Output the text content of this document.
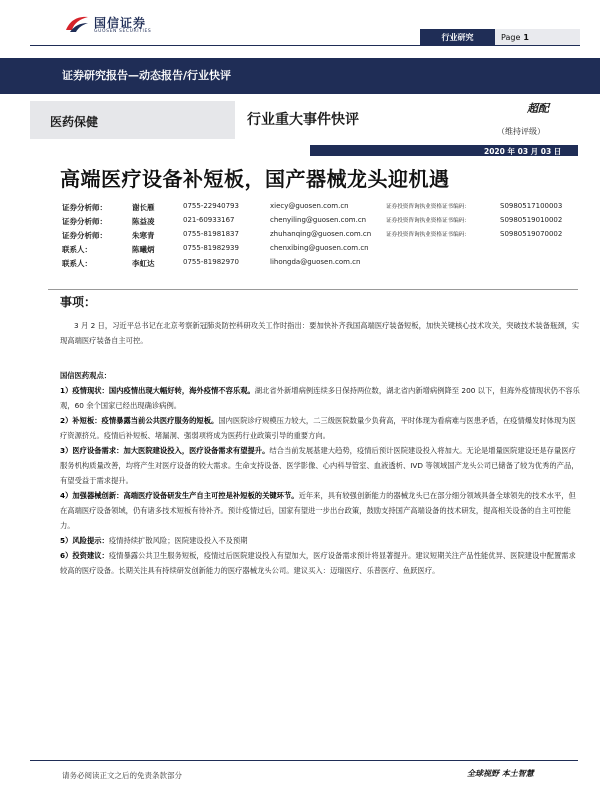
国信证券
GUOSEN SECURITIES
行业研究	Page 1
证券研究报告—动态报告/行业快评
医药保健	行业重大事件快评
超配
（维持评级）
2020 年 03 月 03 日
高端医疗设备补短板，国产器械龙头迎机遇
证券分析师：	谢长雁	0755-22940793	xiecy@guosen.com.cn	证券投资咨询执业资格证书编码：	S0980517100003
证券分析师：	陈益凌	021-60933167	chenyiling@guosen.com.cn	证券投资咨询执业资格证书编码：	S0980519010002
证券分析师：	朱寒青	0755-81981837	zhuhanqing@guosen.com.cn	证券投资咨询执业资格证书编码：	S0980519070002
联系人：	陈曦炳	0755-81982939	chenxibing@guosen.com.cn
联系人：	李虹达	0755-81982970	lihongda@guosen.com.cn
事项：

3 月 2 日，习近平总书记在北京考察新冠肺炎防控科研攻关工作时指出：要加快补齐我国高端医疗装备短板，加快关键核心技术攻关，突破技术装备瓶颈，实现高端医疗装备自主可控。

国信医药观点：

1）疫情现状：国内疫情出现大幅好转，海外疫情不容乐观。湖北省外新增病例连续多日保持两位数，湖北省内新增病例降至 200 以下，但海外疫情现状仍不容乐观，60 余个国家已经出现确诊病例。

2）补短板：疫情暴露当前公共医疗服务的短板。国内医院诊疗规模压力较大，二三级医院数量少负荷高，平时体现为看病难与医患矛盾，在疫情爆发时体现为医疗资源挤兑。疫情后补短板、堵漏洞、强弱项将成为医药行业政策引导的重要方向。

3）医疗设备需求：加大医院建设投入，医疗设备需求有望提升。结合当前发展基建大趋势，疫情后预计医院建设投入将加大。无论是增量医院建设还是存量医疗服务机构质量改善，均将产生对医疗设备的较大需求。生命支持设备、医学影像、心内科导管室、血液透析、IVD 等领域国产龙头公司已储备了较为优秀的产品，有望受益于需求提升。

4）加强器械创新：高端医疗设备研发生产自主可控是补短板的关键环节。近年来，具有较强创新能力的器械龙头已在部分细分领域具备全球领先的技术水平，但在高端医疗设备领域，仍有诸多技术短板有待补齐。预计疫情过后，国家有望进一步出台政策，鼓励支持国产高端设备的技术研发，提高相关设备的自主可控能力。

5）风险提示：疫情持续扩散风险；医院建设投入不及预期

6）投资建议：疫情暴露公共卫生服务短板，疫情过后医院建设投入有望加大，医疗设备需求预计将显著提升。建议短期关注产品性能优异、医院建设中配置需求较高的医疗设备。长期关注具有持续研发创新能力的医疗器械龙头公司。建议买入：迈瑞医疗、乐普医疗、鱼跃医疗。

请务必阅读正文之后的免责条款部分	全球视野 本土智慧
